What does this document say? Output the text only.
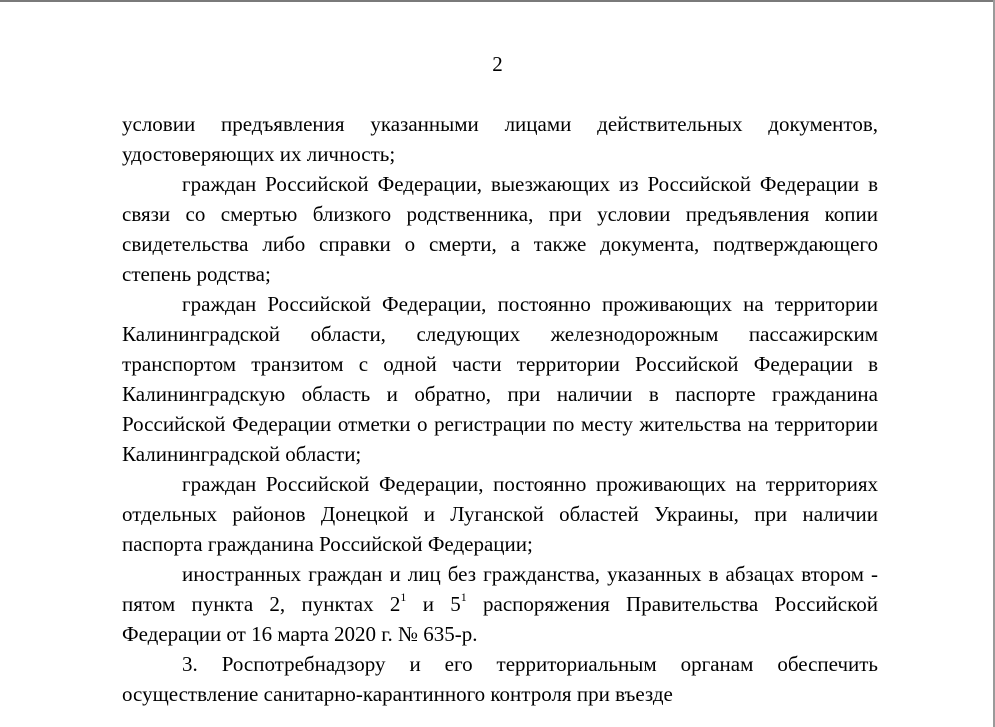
2

условии предъявления указанными лицами действительных документов, удостоверяющих их личность;

граждан Российской Федерации, выезжающих из Российской Федерации в связи со смертью близкого родственника, при условии предъявления копии свидетельства либо справки о смерти, а также документа, подтверждающего степень родства;

граждан Российской Федерации, постоянно проживающих на территории Калининградской области, следующих железнодорожным пассажирским транспортом транзитом с одной части территории Российской Федерации в Калининградскую область и обратно, при наличии в паспорте гражданина Российской Федерации отметки о регистрации по месту жительства на территории Калининградской области;

граждан Российской Федерации, постоянно проживающих на территориях отдельных районов Донецкой и Луганской областей Украины, при наличии паспорта гражданина Российской Федерации;

иностранных граждан и лиц без гражданства, указанных в абзацах втором - пятом пункта 2, пунктах $2^1$ и $5^1$ распоряжения Правительства Российской Федерации от 16 марта 2020 г. № 635-р.

3. Роспотребнадзору и его территориальным органам обеспечить осуществление санитарно-карантинного контроля при въезде
